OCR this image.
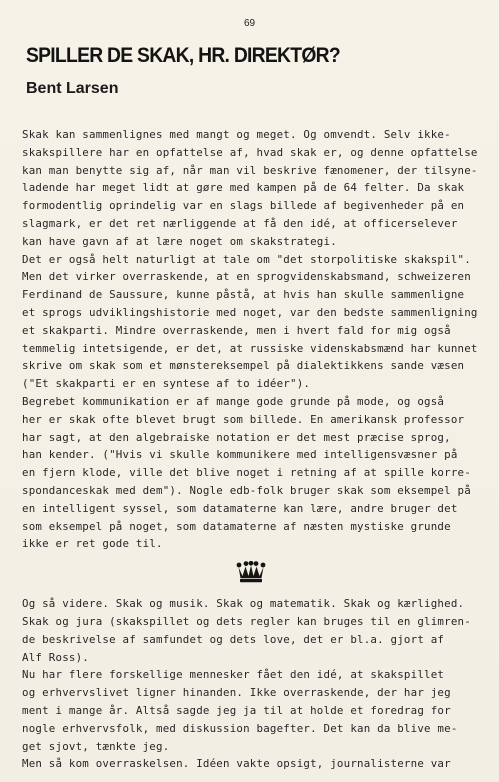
69
SPILLER DE SKAK, HR. DIREKTØR?
Bent Larsen
Skak kan sammenlignes med mangt og meget. Og omvendt. Selv ikke-
skakspillere har en opfattelse af, hvad skak er, og denne opfattelse
kan man benytte sig af, når man vil beskrive fænomener, der tilsyne-
ladende har meget lidt at gøre med kampen på de 64 felter. Da skak
formodentlig oprindelig var en slags billede af begivenheder på en
slagmark, er det ret nærliggende at få den idé, at officerselever
kan have gavn af at lære noget om skakstrategi.
Det er også helt naturligt at tale om "det storpolitiske skakspil".
Men det virker overraskende, at en sprogvidenskabsmand, schweizeren
Ferdinand de Saussure, kunne påstå, at hvis han skulle sammenligne
et sprogs udviklingshistorie med noget, var den bedste sammenligning
et skakparti. Mindre overraskende, men i hvert fald for mig også
temmelig intetsigende, er det, at russiske videnskabsmænd har kunnet
skrive om skak som et mønstereksempel på dialektikkens sande væsen
("Et skakparti er en syntese af to idéer").
Begrebet kommunikation er af mange gode grunde på mode, og også
her er skak ofte blevet brugt som billede. En amerikansk professor
har sagt, at den algebraiske notation er det mest præcise sprog,
han kender. ("Hvis vi skulle kommunikere med intelligensvæsner på
en fjern klode, ville det blive noget i retning af at spille korre-
spondanceskak med dem"). Nogle edb-folk bruger skak som eksempel på
en intelligent syssel, som datamaterne kan lære, andre bruger det
som eksempel på noget, som datamaterne af næsten mystiske grunde
ikke er ret gode til.
Og så videre. Skak og musik. Skak og matematik. Skak og kærlighed.
Skak og jura (skakspillet og dets regler kan bruges til en glimren-
de beskrivelse af samfundet og dets love, det er bl.a. gjort af
Alf Ross).
Nu har flere forskellige mennesker fået den idé, at skakspillet
og erhvervslivet ligner hinanden. Ikke overraskende, der har jeg
ment i mange år. Altså sagde jeg ja til at holde et foredrag for
nogle erhvervsfolk, med diskussion bagefter. Det kan da blive me-
get sjovt, tænkte jeg.
Men så kom overraskelsen. Idéen vakte opsigt, journalisterne var
